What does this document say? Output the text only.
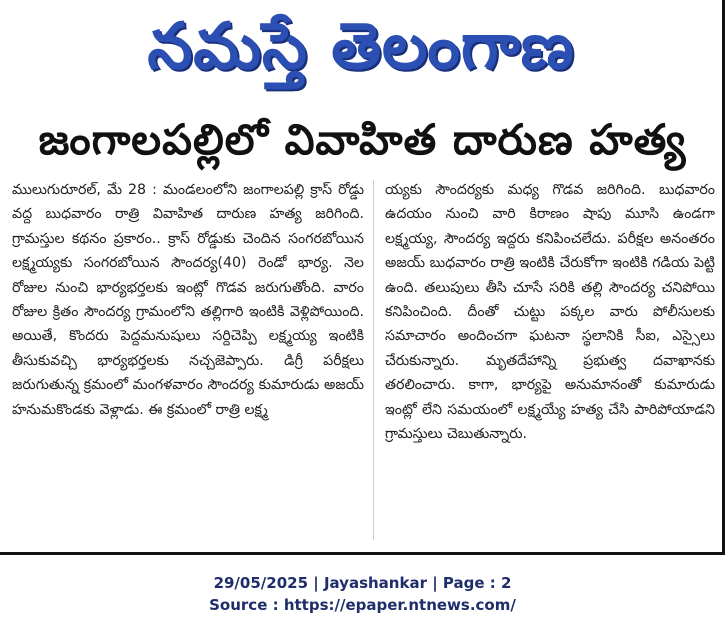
నమస్తే తెలంగాణ
జంగాలపల్లిలో వివాహిత దారుణ హత్య

ములుగురూరల్, మే 28 : మండలంలోని జంగాలపల్లి క్రాస్ రోడ్డు వద్ద బుధవారం రాత్రి వివాహిత దారుణ హత్య జరిగింది. గ్రామస్తుల కథనం ప్రకారం.. క్రాస్ రోడ్డుకు చెందిన సంగరబోయిన లక్ష్మయ్యకు సంగరబోయిన సౌందర్య(40) రెండో భార్య. నెల రోజుల నుంచి భార్యభర్తలకు ఇంట్లో గొడవ జరుగుతోంది. వారం రోజుల క్రితం సౌందర్య గ్రామంలోని తల్లిగారి ఇంటికి వెళ్లిపోయింది. అయితే, కొందరు పెద్దమనుషులు సర్దిచెప్పి లక్ష్మయ్య ఇంటికి తీసుకువచ్చి భార్యభర్తలకు నచ్చజెప్పారు. డిగ్రీ పరీక్షలు జరుగుతున్న క్రమంలో మంగళవారం సౌందర్య కుమారుడు అజయ్ హనుమకొండకు వెళ్లాడు. ఈ క్రమంలో రాత్రి లక్ష్మ

య్యకు సౌందర్యకు మధ్య గొడవ జరిగింది. బుధవారం ఉదయం నుంచి వారి కిరాణం షాపు మూసి ఉండగా లక్ష్మయ్య, సౌందర్య ఇద్దరు కనిపించలేదు. పరీక్షల అనంతరం అజయ్ బుధవారం రాత్రి ఇంటికి చేరుకోగా ఇంటికి గడియ పెట్టి ఉంది. తలుపులు తీసి చూసే సరికి తల్లి సౌందర్య చనిపోయి కనిపించింది. దీంతో చుట్టు పక్కల వారు పోలీసులకు సమాచారం అందించగా ఘటనా స్థలానికి సీఐ, ఎస్సైలు చేరుకున్నారు. మృతదేహాన్ని ప్రభుత్వ దవాఖానకు తరలించారు. కాగా, భార్యపై అనుమానంతో కుమారుడు ఇంట్లో లేని సమయంలో లక్ష్మయ్యే హత్య చేసి పారిపోయాడని గ్రామస్తులు చెబుతున్నారు.

29/05/2025 | Jayashankar | Page : 2
Source : https://epaper.ntnews.com/
